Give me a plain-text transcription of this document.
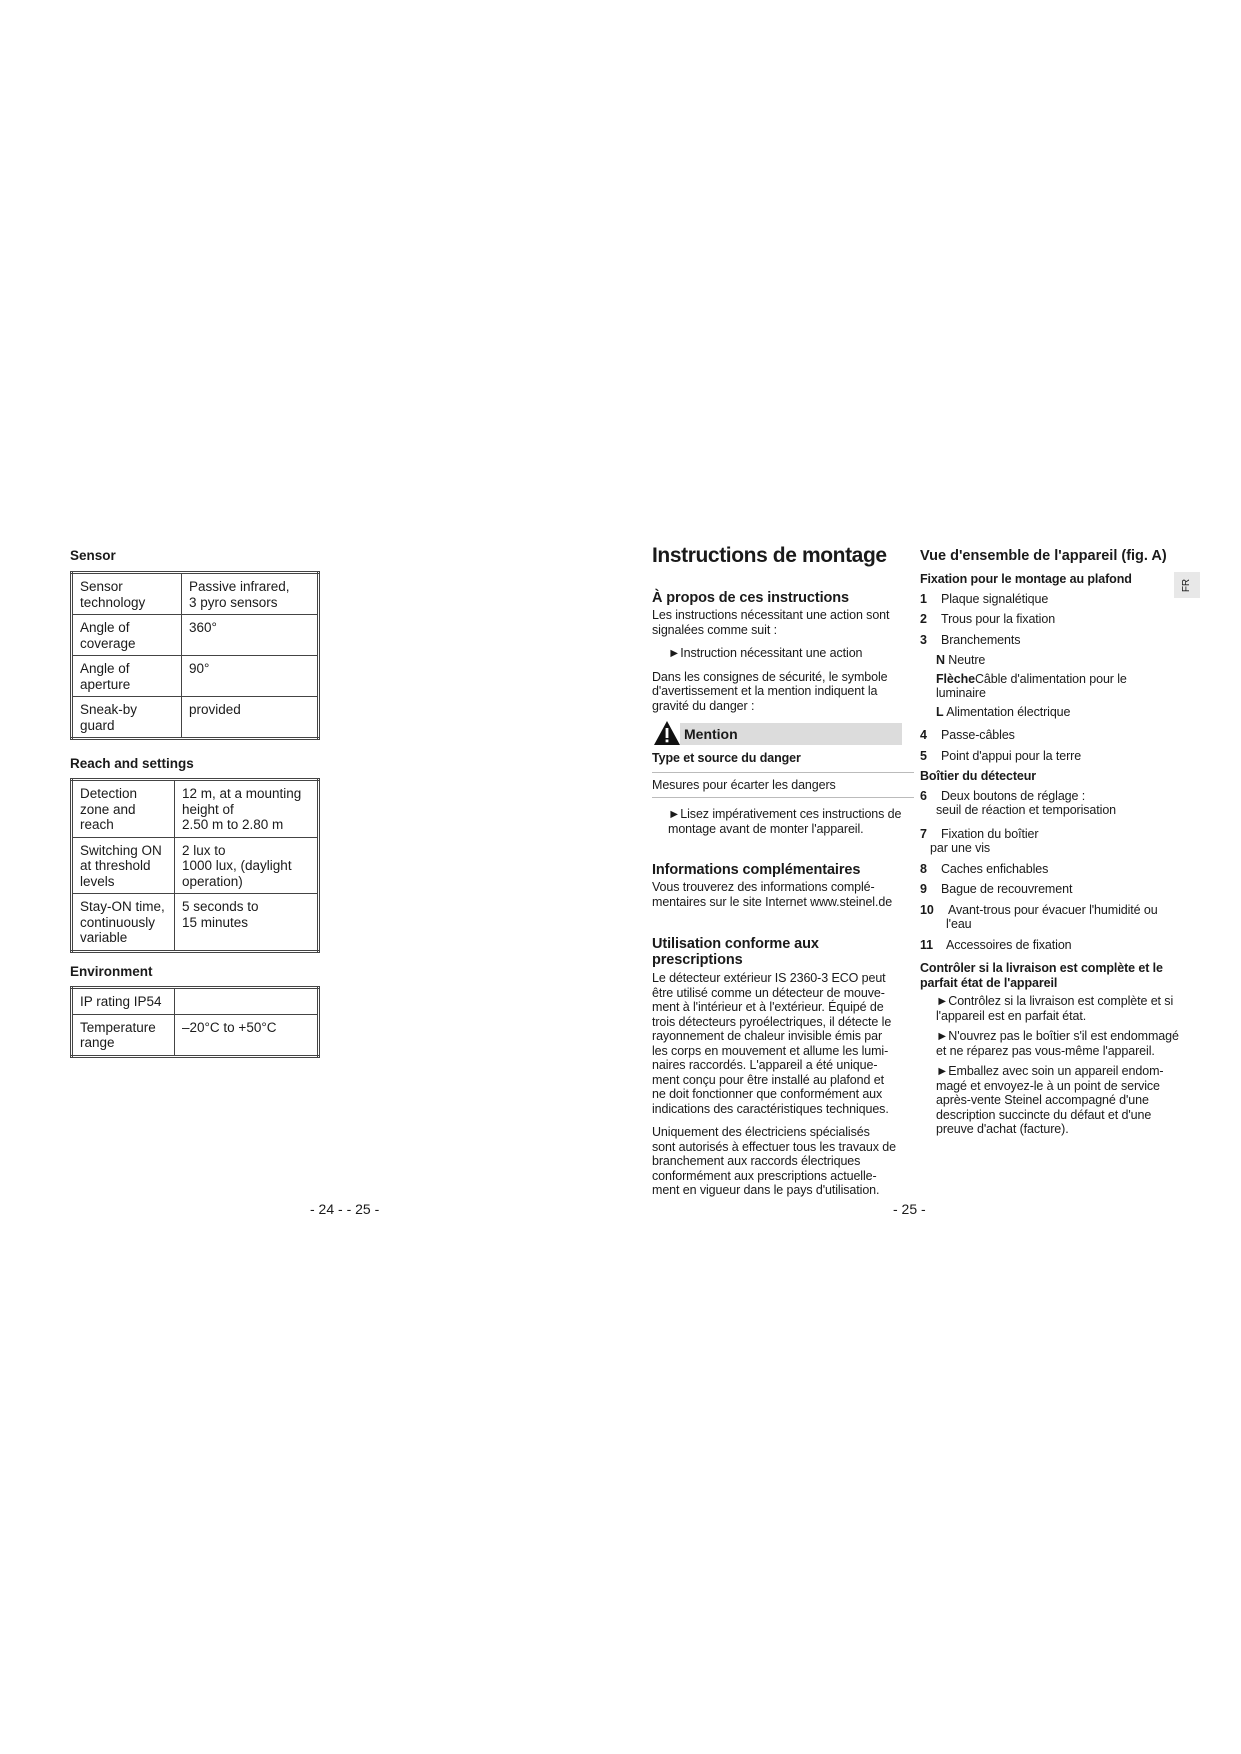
Sensor
Sensor
technology	Passive infrared,
3 pyro sensors

Angle of
coverage	360°

Angle of
aperture	90°

Sneak-by
guard	provided
Reach and settings
Detection
zone and
reach	12 m, at a mounting
height of
2.50 m to 2.80 m

Switching ON
at threshold
levels	2 lux to
1000 lux, (daylight
operation)

Stay-ON time,
continuously
variable	5 seconds to
15 minutes
Environment
IP rating IP54	

Temperature
range	–20°C to +50°C
- 24 - - 25 -
Instructions de montage
À propos de ces instructions
Les instructions nécessitant une action sont
signalées comme suit :
►Instruction nécessitant une action
Dans les consignes de sécurité, le symbole
d'avertissement et la mention indiquent la
gravité du danger :
Mention
Type et source du danger
Mesures pour écarter les dangers
►Lisez impérativement ces instructions de
montage avant de monter l'appareil.
Informations complémentaires
Vous trouverez des informations complé-
mentaires sur le site Internet www.steinel.de
Utilisation conforme aux
prescriptions
Le détecteur extérieur IS 2360-3 ECO peut
être utilisé comme un détecteur de mouve-
ment à l'intérieur et à l'extérieur. Équipé de
trois détecteurs pyroélectriques, il détecte le
rayonnement de chaleur invisible émis par
les corps en mouvement et allume les lumi-
naires raccordés. L'appareil a été unique-
ment conçu pour être installé au plafond et
ne doit fonctionner que conformément aux
indications des caractéristiques techniques.
Uniquement des électriciens spécialisés
sont autorisés à effectuer tous les travaux de
branchement aux raccords électriques
conformément aux prescriptions actuelle-
ment en vigueur dans le pays d'utilisation.
- 25 -
Vue d'ensemble de l'appareil (fig. A)
Fixation pour le montage au plafond
1 Plaque signalétique
2 Trous pour la fixation
3 Branchements
N Neutre
FlècheCâble d'alimentation pour le
luminaire
L Alimentation électrique
4 Passe-câbles
5 Point d'appui pour la terre
Boîtier du détecteur
6 Deux boutons de réglage :
seuil de réaction et temporisation
7 Fixation du boîtier
par une vis
8 Caches enfichables
9 Bague de recouvrement
10 Avant-trous pour évacuer l'humidité ou
l'eau
11 Accessoires de fixation
Contrôler si la livraison est complète et le
parfait état de l'appareil
►Contrôlez si la livraison est complète et si
l'appareil est en parfait état.
►N'ouvrez pas le boîtier s'il est endommagé
et ne réparez pas vous-même l'appareil.
►Emballez avec soin un appareil endom-
magé et envoyez-le à un point de service
après-vente Steinel accompagné d'une
description succincte du défaut et d'une
preuve d'achat (facture).
FR
